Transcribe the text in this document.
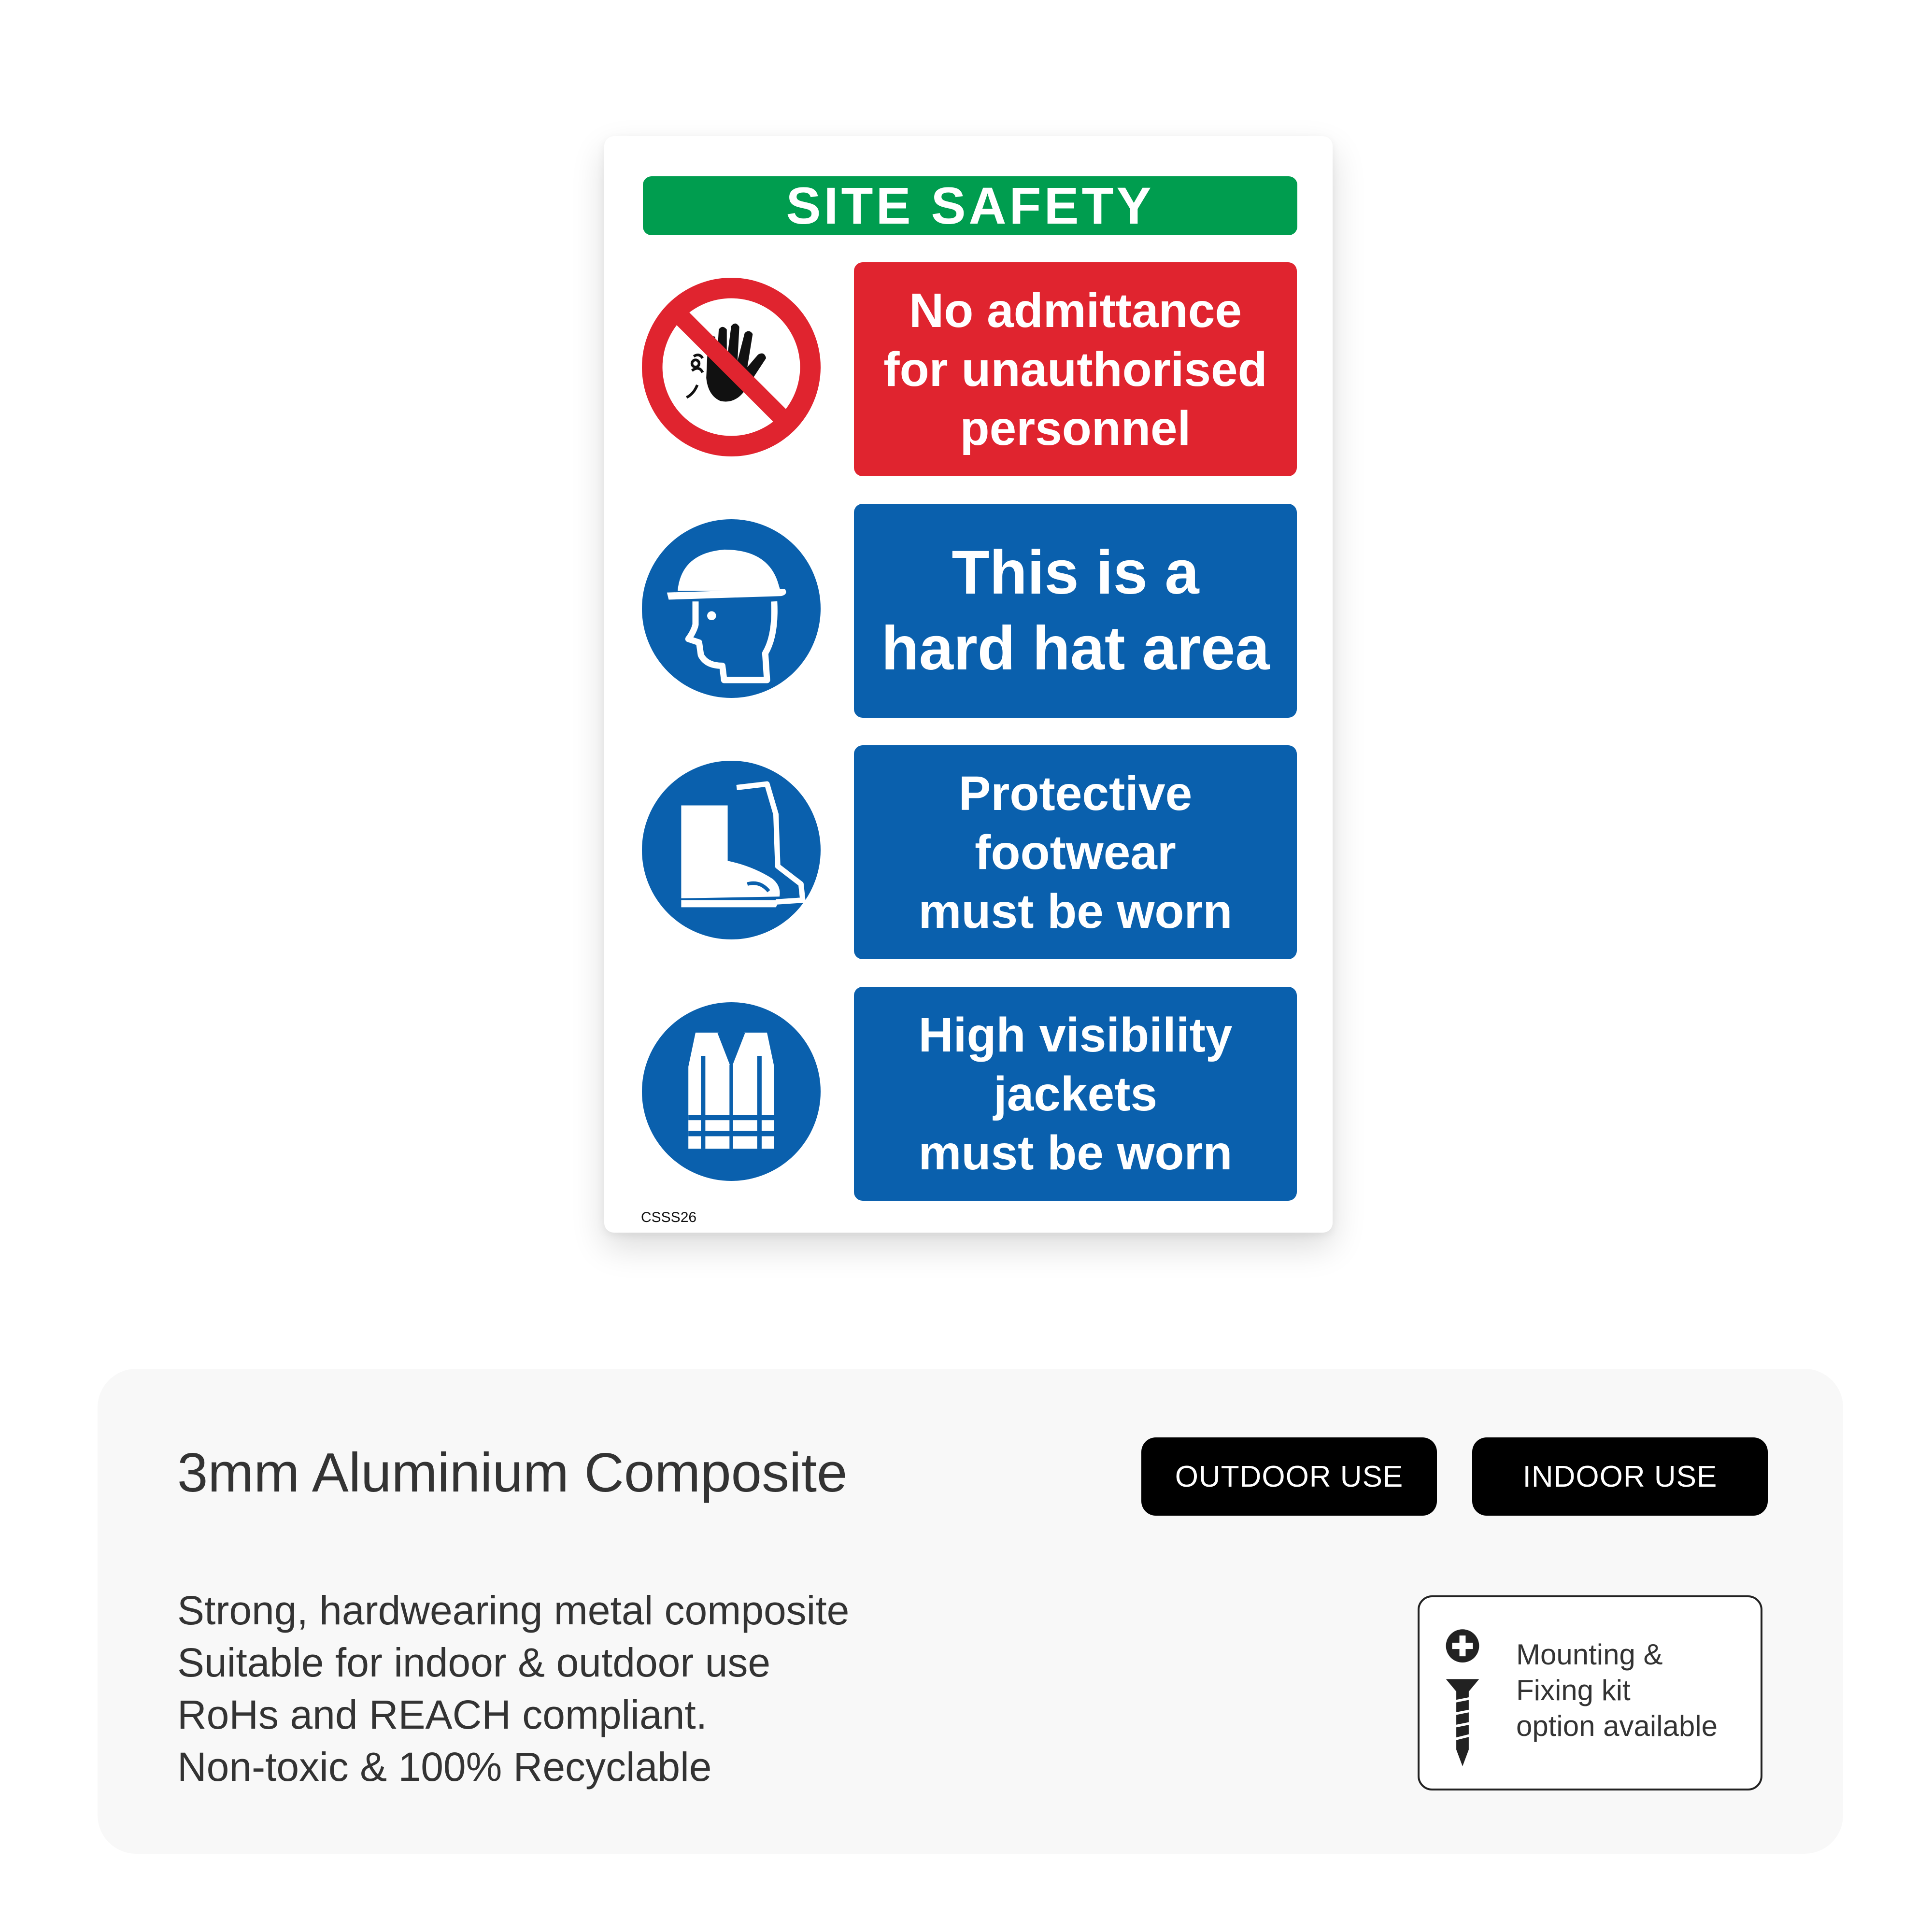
SITE SAFETY
No admittance
for unauthorised
personnel
This is a
hard hat area
Protective
footwear
must be worn
High visibility
jackets
must be worn
CSSS26
3mm Aluminium Composite	OUTDOOR USE	INDOOR USE
Strong, hardwearing metal composite
Suitable for indoor & outdoor use
RoHs and REACH compliant.
Non-toxic & 100% Recyclable
Mounting &
Fixing kit
option available
